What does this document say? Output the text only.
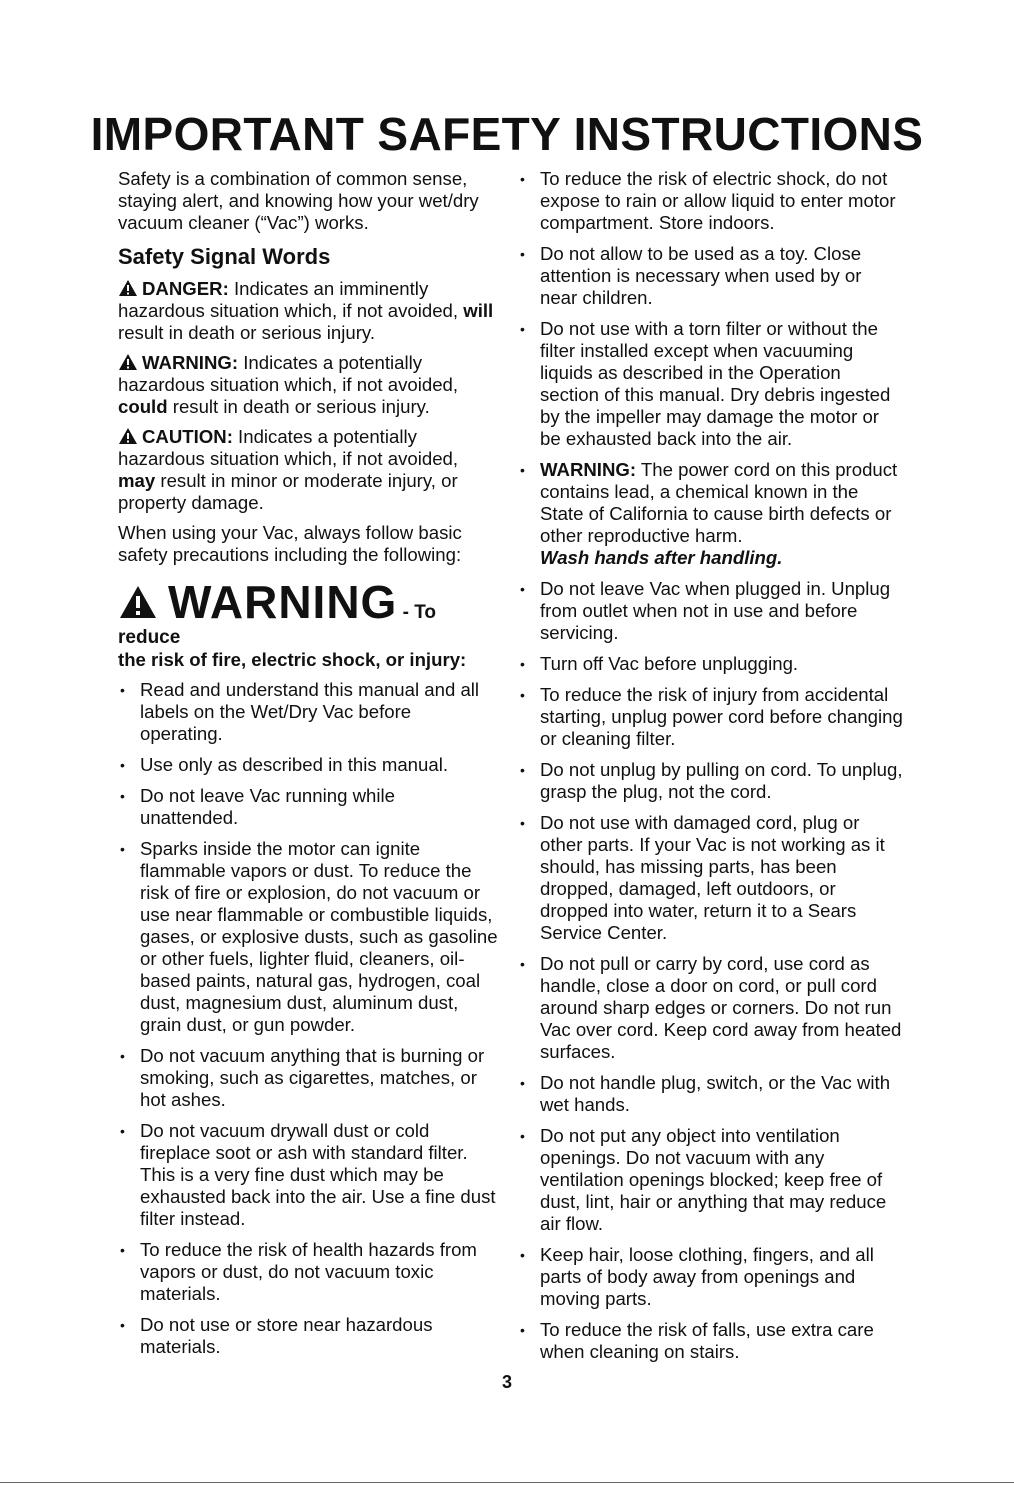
IMPORTANT SAFETY INSTRUCTIONS

Safety is a combination of common sense, staying alert, and knowing how your wet/dry vacuum cleaner (“Vac”) works.

Safety Signal Words

DANGER: Indicates an imminently hazardous situation which, if not avoided, will result in death or serious injury.

WARNING: Indicates a potentially hazardous situation which, if not avoided, could result in death or serious injury.

CAUTION: Indicates a potentially hazardous situation which, if not avoided, may result in minor or moderate injury, or property damage.

When using your Vac, always follow basic safety precautions including the following:

WARNING - To reduce
the risk of fire, electric shock, or injury:
• Read and understand this manual and all labels on the Wet/Dry Vac before operating.
• Use only as described in this manual.
• Do not leave Vac running while unattended.
• Sparks inside the motor can ignite flammable vapors or dust. To reduce the risk of fire or explosion, do not vacuum or use near flammable or combustible liquids, gases, or explosive dusts, such as gasoline or other fuels, lighter fluid, cleaners, oil-based paints, natural gas, hydrogen, coal dust, magnesium dust, aluminum dust, grain dust, or gun powder.
• Do not vacuum anything that is burning or smoking, such as cigarettes, matches, or hot ashes.
• Do not vacuum drywall dust or cold fireplace soot or ash with standard filter. This is a very fine dust which may be exhausted back into the air. Use a fine dust filter instead.
• To reduce the risk of health hazards from vapors or dust, do not vacuum toxic materials.
• Do not use or store near hazardous materials.
• To reduce the risk of electric shock, do not expose to rain or allow liquid to enter motor compartment. Store indoors.
• Do not allow to be used as a toy. Close attention is necessary when used by or near children.
• Do not use with a torn filter or without the filter installed except when vacuuming liquids as described in the Operation section of this manual. Dry debris ingested by the impeller may damage the motor or be exhausted back into the air.
• WARNING: The power cord on this product contains lead, a chemical known in the State of California to cause birth defects or other reproductive harm.
Wash hands after handling.
• Do not leave Vac when plugged in. Unplug from outlet when not in use and before servicing.
• Turn off Vac before unplugging.
• To reduce the risk of injury from accidental starting, unplug power cord before changing or cleaning filter.
• Do not unplug by pulling on cord. To unplug, grasp the plug, not the cord.
• Do not use with damaged cord, plug or other parts. If your Vac is not working as it should, has missing parts, has been dropped, damaged, left outdoors, or dropped into water, return it to a Sears Service Center.
• Do not pull or carry by cord, use cord as handle, close a door on cord, or pull cord around sharp edges or corners. Do not run Vac over cord. Keep cord away from heated surfaces.
• Do not handle plug, switch, or the Vac with wet hands.
• Do not put any object into ventilation openings. Do not vacuum with any ventilation openings blocked; keep free of dust, lint, hair or anything that may reduce air flow.
• Keep hair, loose clothing, fingers, and all parts of body away from openings and moving parts.
• To reduce the risk of falls, use extra care when cleaning on stairs.
3
